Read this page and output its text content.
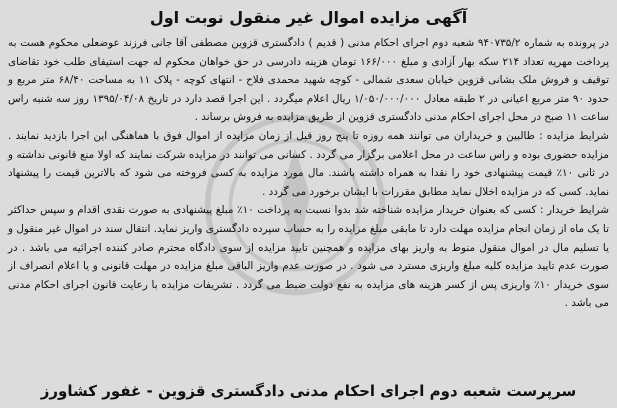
آگهی مزایده اموال غیر منقول نوبت اول

در پرونده به شماره ۹۴۰۷۳۵/۲ شعبه دوم اجرای احکام مدنی ( قدیم ) دادگستری قزوین مصطفی آقا جانی فرزند عوضعلی محکوم هست به پرداخت مهریه تعداد ۲۱۴ سکه بهار آزادی و مبلغ ۱۶۶/۰۰۰ تومان هزینه دادرسی در حق خواهان محکوم له جهت استیفای طلب خود تقاضای توقیف و فروش ملک بشانی قزوین خیابان سعدی شمالی - کوچه شهید محمدی فلاح - انتهای کوچه - پلاک ۱۱ به مساحت ۶۸/۴۰ متر مربع و حدود ۹۰ متر مربع اعیانی در ۲ طبقه معادل ۱/۰۵۰/۰۰۰/۰۰۰ ریال اعلام میگردد . این اجرا قصد دارد در تاریخ ۱۳۹۵/۰۴/۰۸ روز سه شنبه راس ساعت ۱۱ صبح در محل اجرای احکام مدنی دادگستری قزوین از طریق مزایده به فروش برساند .

شرایط مزایده : طالبین و خریداران می توانند همه روزه تا پنج روز قبل از زمان مزایده از اموال فوق با هماهنگی این اجرا بازدید نمایند . مزایده حضوری بوده و راس ساعت در محل اعلامی برگزار می گردد . کسانی می توانند در مزایده شرکت نمایند که اولا منع قانونی نداشته و در ثانی ۱۰٪ قیمت پیشنهادی خود را نقدا به همراه داشته باشند. مال مورد مزایده به کسی فروخته می شود که بالاترین قیمت را پیشنهاد نماید. کسی که در مزایده اخلال نماید مطابق مقررات با ایشان برخورد می گردد .

شرایط خریدار : کسی که بعنوان خریدار مزایده شناخته شد بدوا نسبت به پرداخت ۱۰٪ مبلغ پیشنهادی به صورت نقدی اقدام و سپس حداکثر تا یک ماه از زمان انجام مزایده مهلت دارد تا مابقی مبلغ مزایده را به حساب سپرده دادگستری واریز نماید. انتقال سند در اموال غیر منقول و یا تسلیم مال در اموال منقول منوط به واریز بهای مزایده و همچنین تایید مزایده از سوی دادگاه محترم صادر کننده اجرائیه می باشد . در صورت عدم تایید مزایده کلیه مبلغ واریزی مسترد می شود . در صورت عدم واریز الباقی مبلغ مزایده در مهلت قانونی و یا اعلام انصراف از سوی خریدار ۱۰٪ واریزی پس از کسر هزینه های مزایده به نفع دولت ضبط می گردد . تشریفات مزایده با رعایت قانون اجرای احکام مدنی می باشد .

سرپرست شعبه دوم اجرای احکام مدنی دادگستری قزوین - غفور کشاورز
